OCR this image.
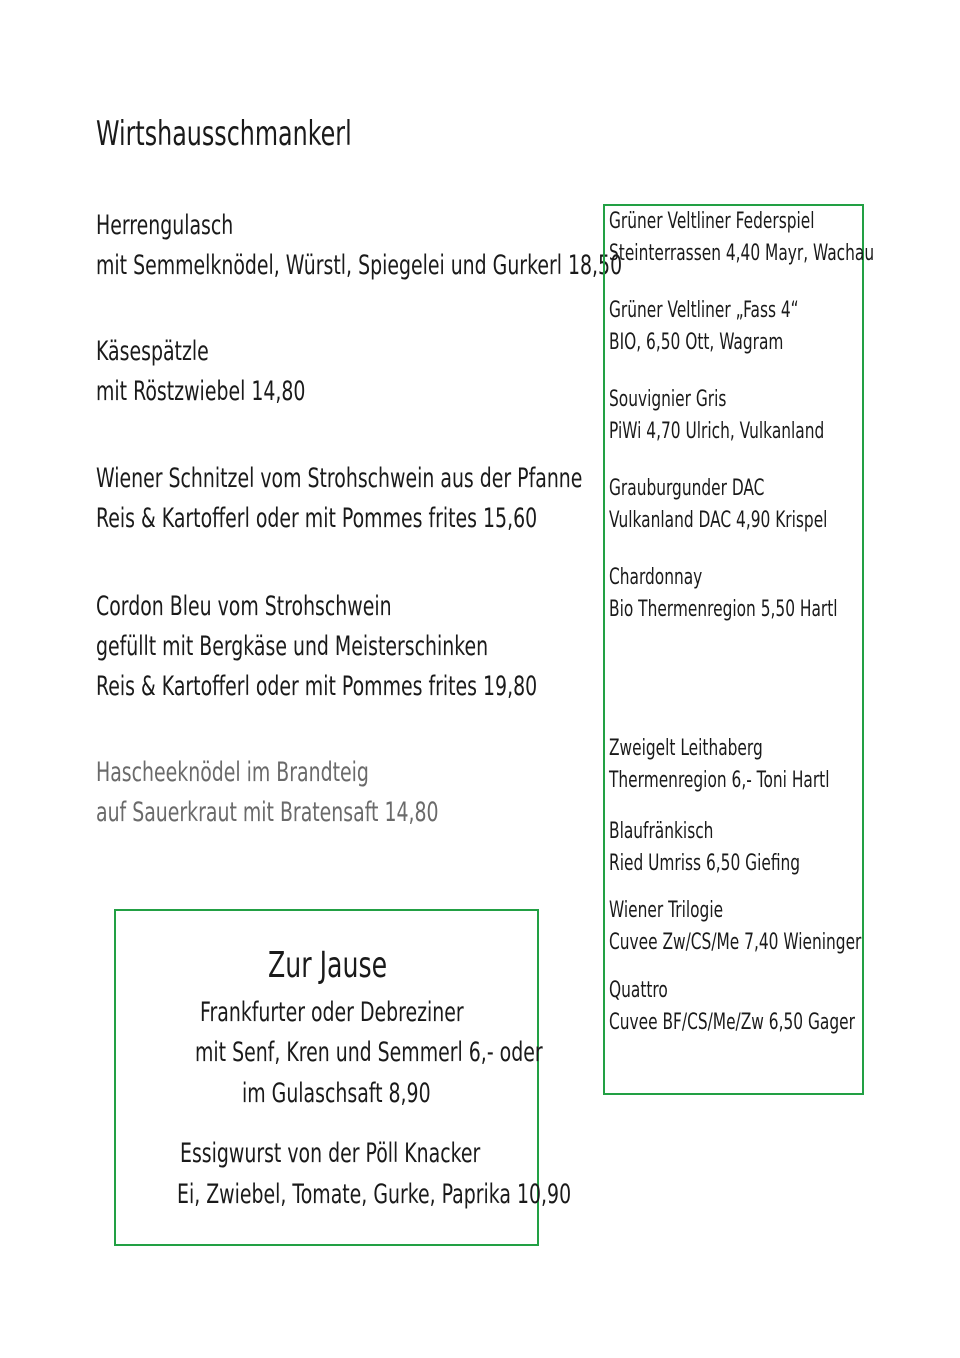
Wirtshausschmankerl
Herrengulasch
mit Semmelknödel, Würstl, Spiegelei und Gurkerl 18,50
Käsespätzle
mit Röstzwiebel 14,80
Wiener Schnitzel vom Strohschwein aus der Pfanne
Reis & Kartofferl oder mit Pommes frites 15,60
Cordon Bleu vom Strohschwein
gefüllt mit Bergkäse und Meisterschinken
Reis & Kartofferl oder mit Pommes frites 19,80
Hascheeknödel im Brandteig
auf Sauerkraut mit Bratensaft 14,80
Zur Jause
Frankfurter oder Debreziner
mit Senf, Kren und Semmerl 6,- oder
im Gulaschsaft 8,90
Essigwurst von der Pöll Knacker
Ei, Zwiebel, Tomate, Gurke, Paprika 10,90
Grüner Veltliner Federspiel
Steinterrassen 4,40 Mayr, Wachau
Grüner Veltliner „Fass 4“
BIO, 6,50 Ott, Wagram
Souvignier Gris
PiWi 4,70 Ulrich, Vulkanland
Grauburgunder DAC
Vulkanland DAC 4,90 Krispel
Chardonnay
Bio Thermenregion 5,50 Hartl
Zweigelt Leithaberg
Thermenregion 6,- Toni Hartl
Blaufränkisch
Ried Umriss 6,50 Giefing
Wiener Trilogie
Cuvee Zw/CS/Me 7,40 Wieninger
Quattro
Cuvee BF/CS/Me/Zw 6,50 Gager
